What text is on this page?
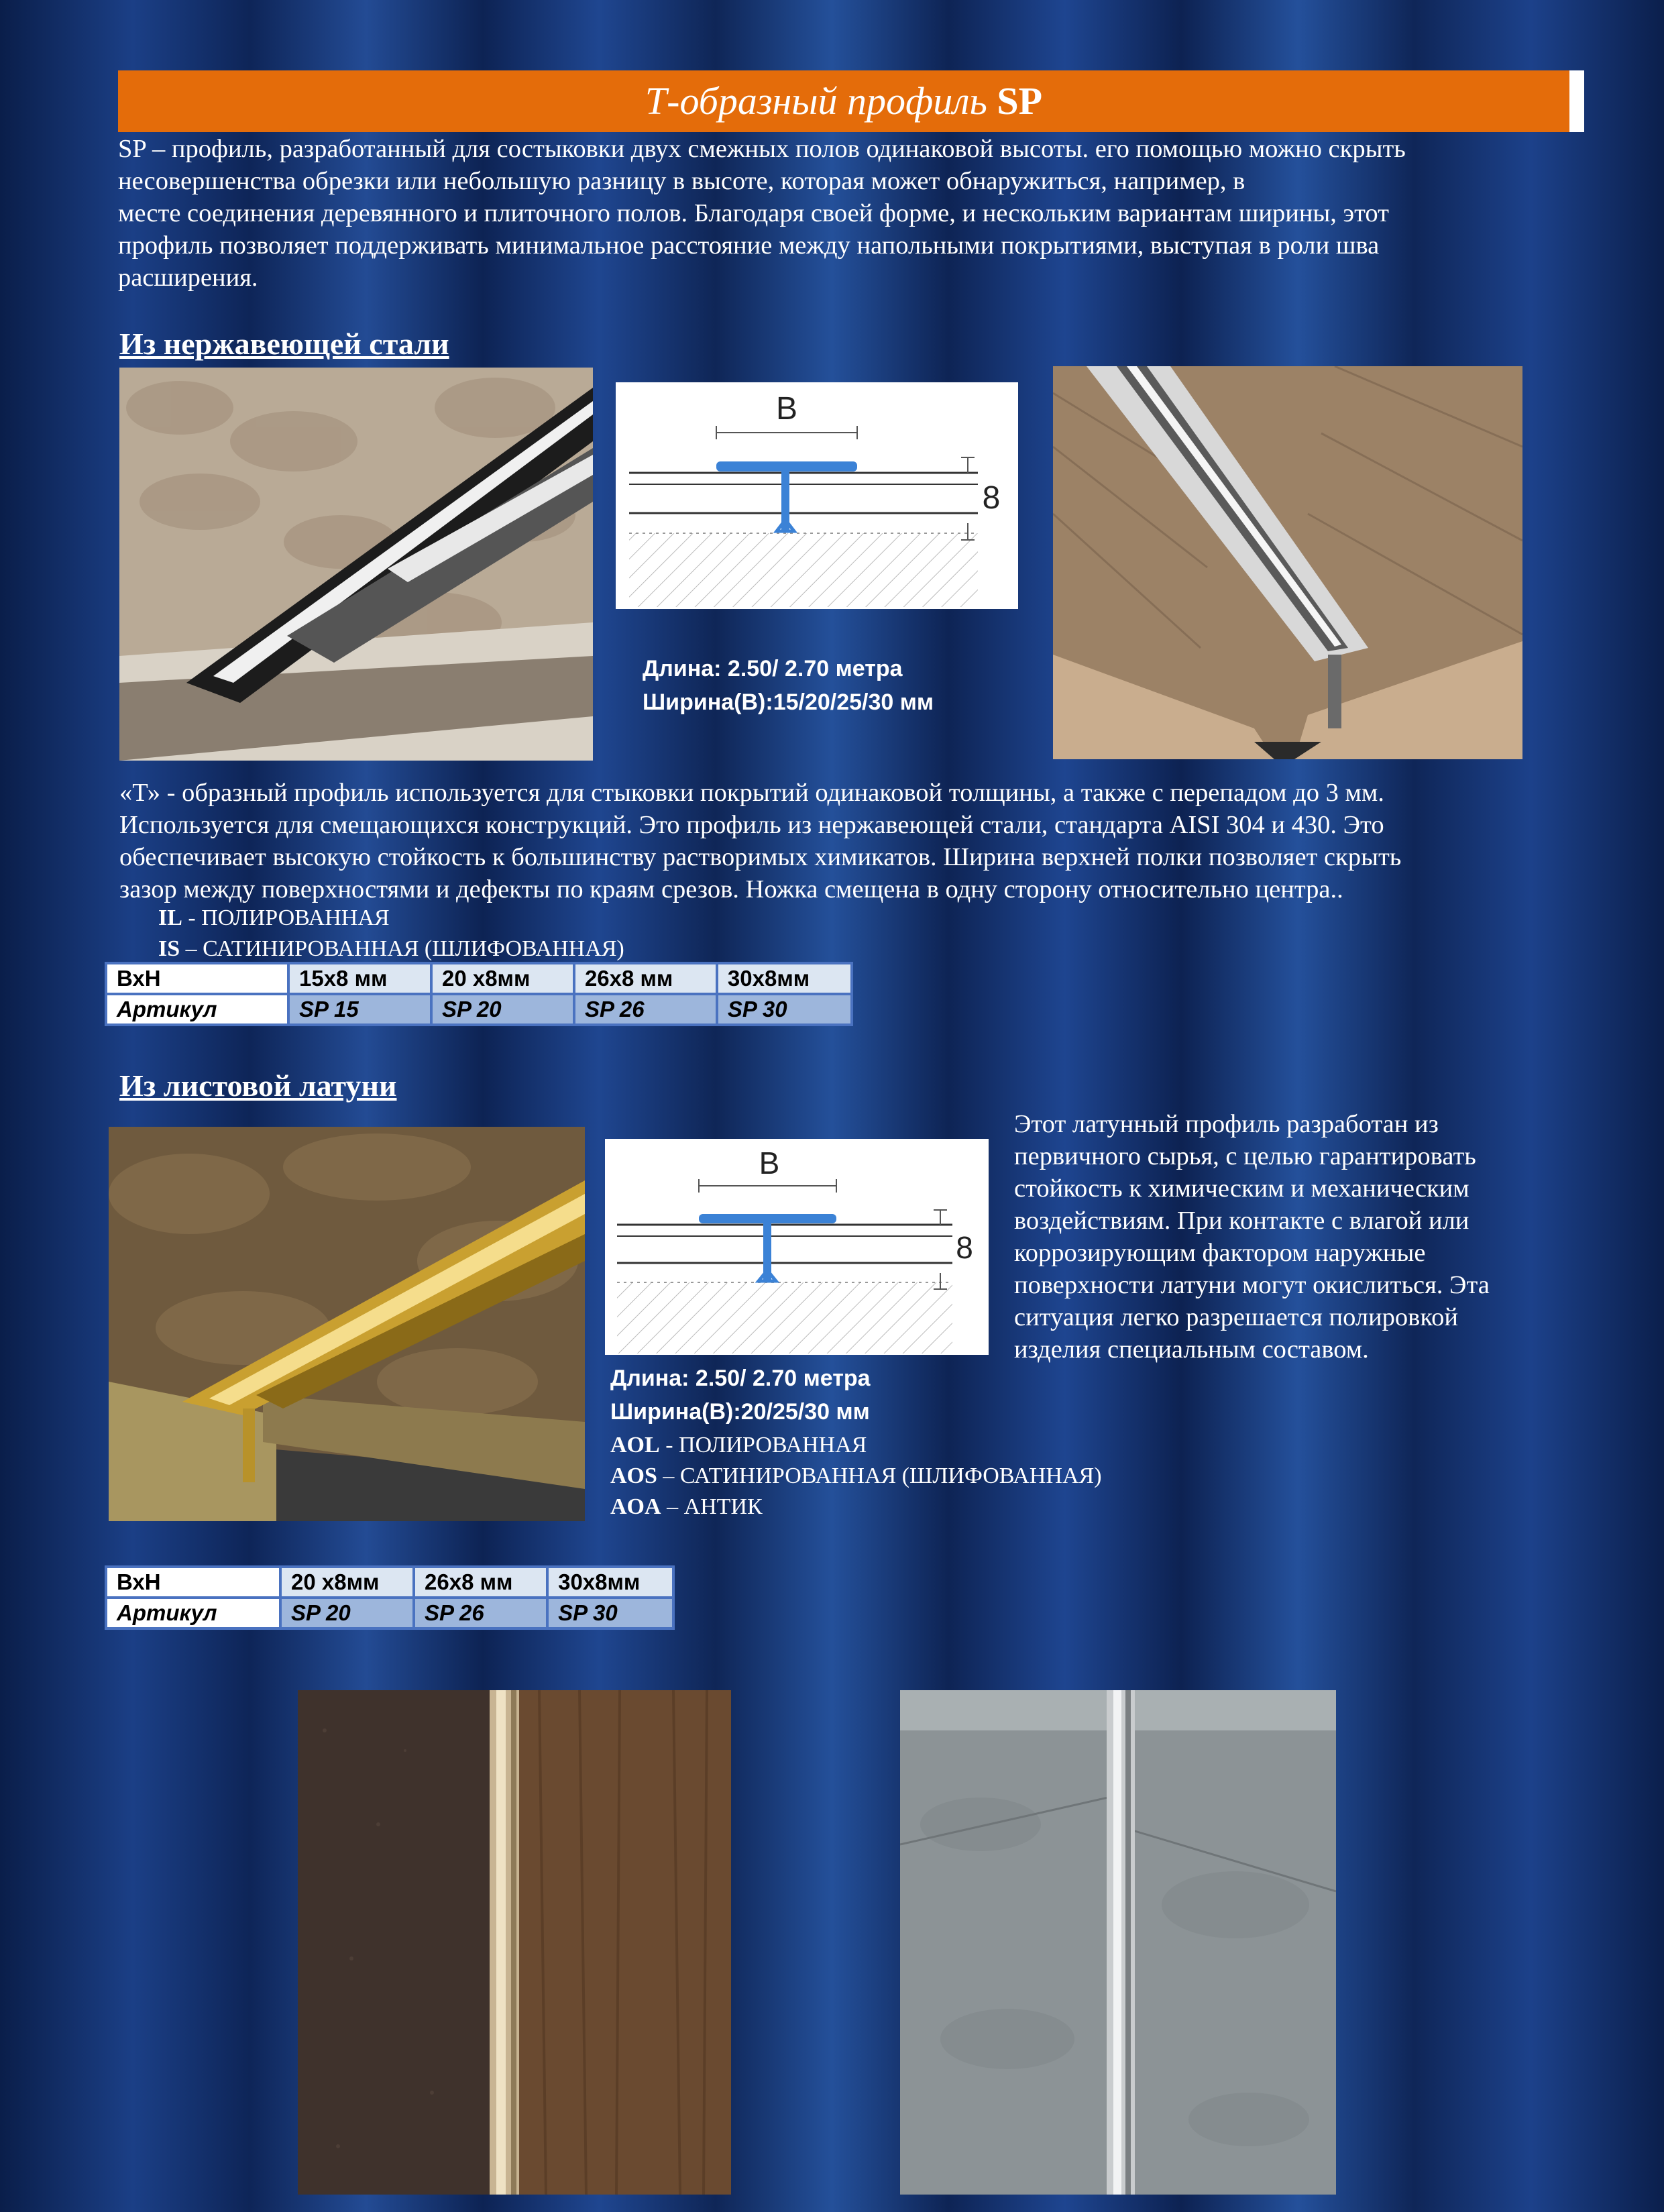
Т-образный профиль SP

SP – профиль, разработанный для состыковки двух смежных полов одинаковой высоты. его помощью можно скрыть

несовершенства обрезки или небольшую разницу в высоте, которая может обнаружиться, например, в

месте соединения деревянного и плиточного полов. Благодаря своей форме, и нескольким вариантам ширины, этот

профиль позволяет поддерживать минимальное расстояние между напольными покрытиями, выступая в роли шва

расширения.

Из нержавеющей стали
B
8
Длина: 2.50/ 2.70 метра
Ширина(B):15/20/25/30 мм

«Т» - образный профиль используется для стыковки покрытий одинаковой толщины, а также с перепадом до 3 мм.

Используется для смещающихся конструкций. Это профиль из нержавеющей стали, стандарта AISI 304 и 430. Это

обеспечивает высокую стойкость к большинству растворимых химикатов. Ширина верхней полки позволяет скрыть

зазор между поверхностями и дефекты по краям срезов. Ножка смещена в одну сторону относительно центра..

IL - ПОЛИРОВАННАЯ
IS – САТИНИРОВАННАЯ (ШЛИФОВАННАЯ)
ВхН	15х8 мм	20 х8мм	26х8 мм	30х8мм
Артикул	SP 15	SP 20	SP 26	SP 30
Из листовой латуни
B
8

Этот латунный профиль разработан из

первичного сырья, с целью гарантировать

стойкость к химическим и механическим

воздействиям. При контакте с влагой или

коррозирующим фактором наружные

поверхности латуни могут окислиться. Эта

ситуация легко разрешается полировкой

изделия специальным составом.

Длина: 2.50/ 2.70 метра
Ширина(B):20/25/30 мм
AOL - ПОЛИРОВАННАЯ
AOS – САТИНИРОВАННАЯ (ШЛИФОВАННАЯ)
AOA – АНТИК
ВхН	20 х8мм	26х8 мм	30х8мм
Артикул	SP 20	SP 26	SP 30
